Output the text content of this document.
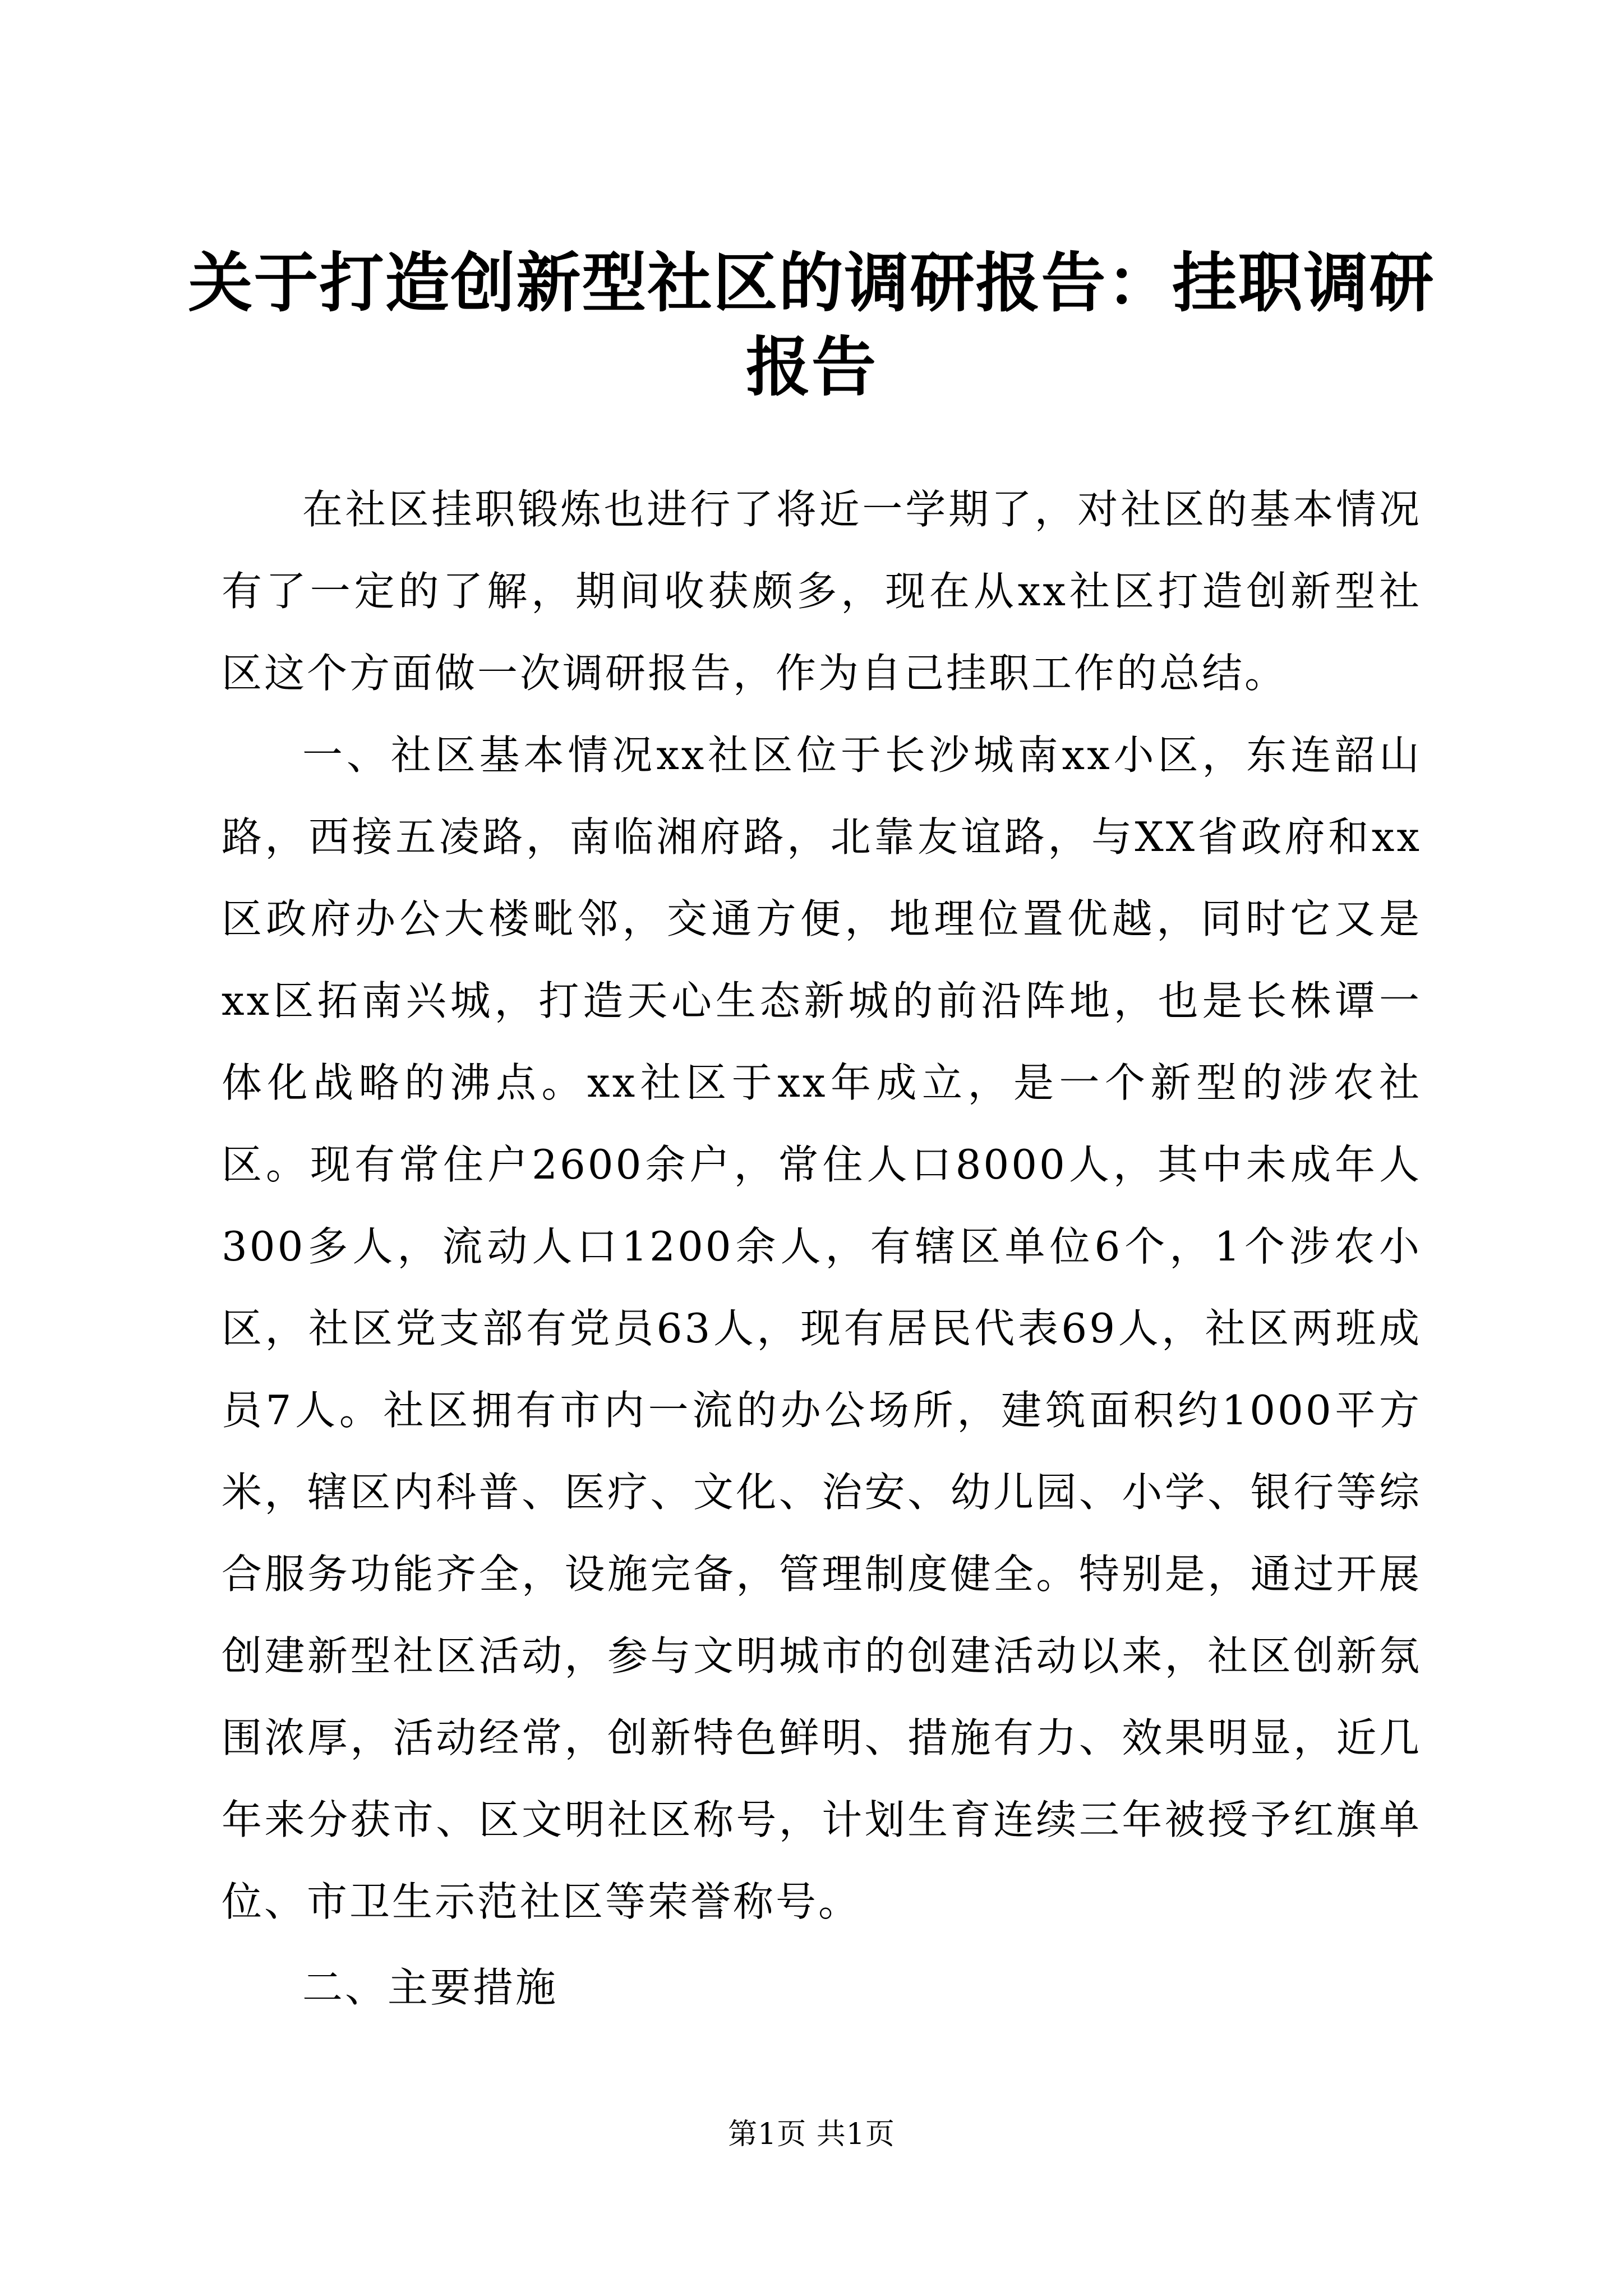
关于打造创新型社区的调研报告：挂职调研报告

在社区挂职锻炼也进行了将近一学期了，对社区的基本情况有了一定的了解，期间收获颇多，现在从xx社区打造创新型社区这个方面做一次调研报告，作为自己挂职工作的总结。

一、社区基本情况xx社区位于长沙城南xx小区，东连韶山路，西接五凌路，南临湘府路，北靠友谊路，与XX省政府和xx区政府办公大楼毗邻，交通方便，地理位置优越，同时它又是xx区拓南兴城，打造天心生态新城的前沿阵地，也是长株谭一体化战略的沸点。xx社区于xx年成立，是一个新型的涉农社区。现有常住户2600余户，常住人口8000人，其中未成年人300多人，流动人口1200余人，有辖区单位6个，1个涉农小区，社区党支部有党员63人，现有居民代表69人，社区两班成员7人。社区拥有市内一流的办公场所，建筑面积约1000平方米，辖区内科普、医疗、文化、治安、幼儿园、小学、银行等综合服务功能齐全，设施完备，管理制度健全。特别是，通过开展创建新型社区活动，参与文明城市的创建活动以来，社区创新氛围浓厚，活动经常，创新特色鲜明、措施有力、效果明显，近几年来分获市、区文明社区称号，计划生育连续三年被授予红旗单位、市卫生示范社区等荣誉称号。

二、主要措施

第1页 共1页
